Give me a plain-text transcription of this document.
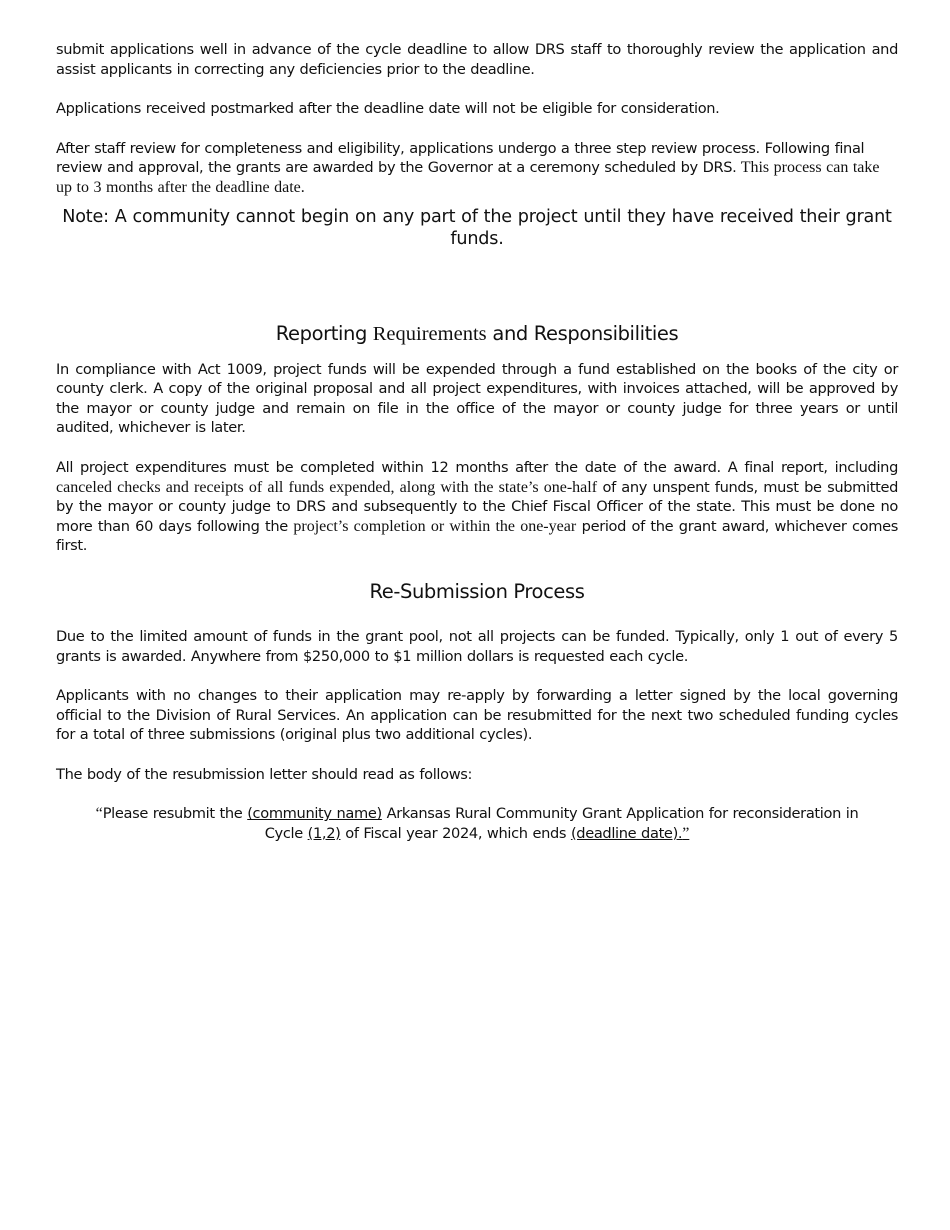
submit applications well in advance of the cycle deadline to allow DRS staff to thoroughly review the application and assist applicants in correcting any deficiencies prior to the deadline.

Applications received postmarked after the deadline date will not be eligible for consideration.

After staff review for completeness and eligibility, applications undergo a three step review process. Following final review and approval, the grants are awarded by the Governor at a ceremony scheduled by DRS. This process can take up to 3 months after the deadline date.

Note: A community cannot begin on any part of the project until they have received their grant funds.

Reporting Requirements and Responsibilities

In compliance with Act 1009, project funds will be expended through a fund established on the books of the city or county clerk. A copy of the original proposal and all project expenditures, with invoices attached, will be approved by the mayor or county judge and remain on file in the office of the mayor or county judge for three years or until audited, whichever is later.

All project expenditures must be completed within 12 months after the date of the award. A final report, including canceled checks and receipts of all funds expended, along with the state’s one-half of any unspent funds, must be submitted by the mayor or county judge to DRS and subsequently to the Chief Fiscal Officer of the state. This must be done no more than 60 days following the project’s completion or within the one-year period of the grant award, whichever comes first.

Re-Submission Process

Due to the limited amount of funds in the grant pool, not all projects can be funded. Typically, only 1 out of every 5 grants is awarded. Anywhere from $250,000 to $1 million dollars is requested each cycle.

Applicants with no changes to their application may re-apply by forwarding a letter signed by the local governing official to the Division of Rural Services. An application can be resubmitted for the next two scheduled funding cycles for a total of three submissions (original plus two additional cycles).

The body of the resubmission letter should read as follows:

“Please resubmit the (community name) Arkansas Rural Community Grant Application for reconsideration in Cycle (1,2) of Fiscal year 2024, which ends (deadline date).”
